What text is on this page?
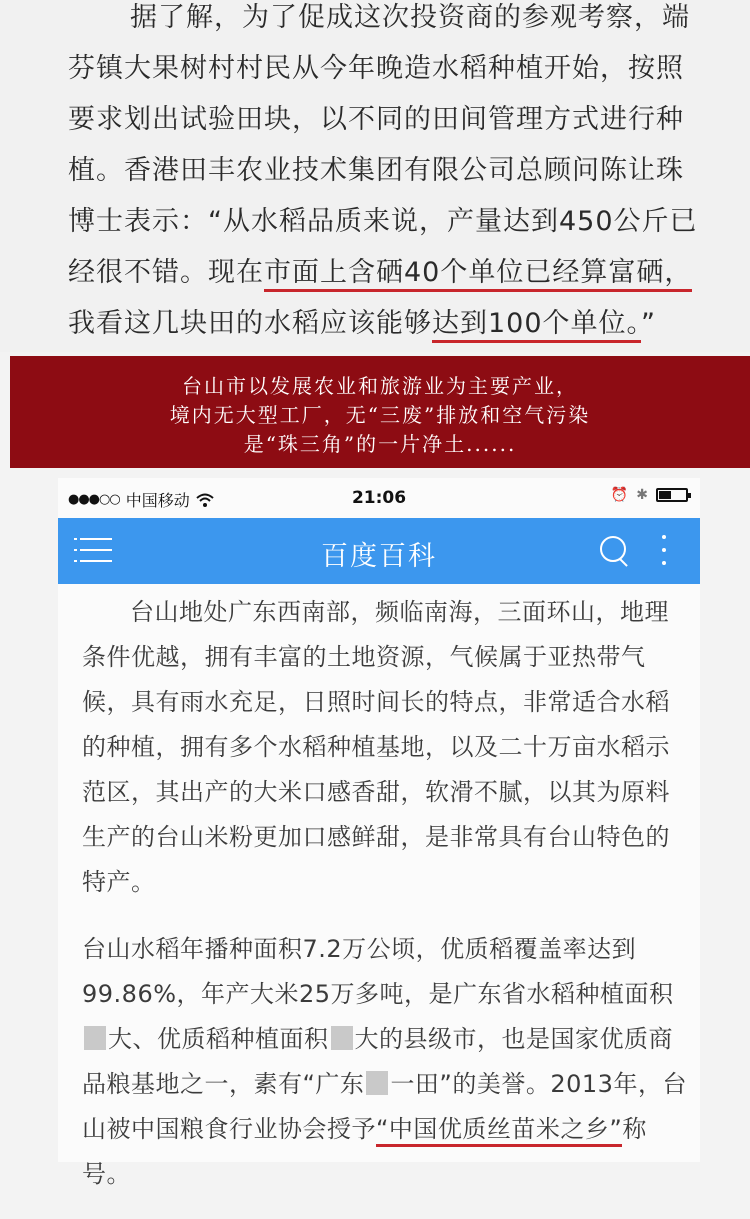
据了解，为了促成这次投资商的参观考察，端
芬镇大果树村村民从今年晚造水稻种植开始，按照
要求划出试验田块，以不同的田间管理方式进行种
植。香港田丰农业技术集团有限公司总顾问陈让珠
博士表示：“从水稻品质来说，产量达到450公斤已
经很不错。现在市面上含硒40个单位已经算富硒，
我看这几块田的水稻应该能够达到100个单位。”

台山市以发展农业和旅游业为主要产业，
境内无大型工厂，无“三废”排放和空气污染
是“珠三角”的一片净土......
●●●○○ 中国移动	21:06	⏰ ✱
百度百科
台山地处广东西南部，频临南海，三面环山，地理
条件优越，拥有丰富的土地资源，气候属于亚热带气
候，具有雨水充足，日照时间长的特点，非常适合水稻
的种植，拥有多个水稻种植基地，以及二十万亩水稻示
范区，其出产的大米口感香甜，软滑不腻，以其为原料
生产的台山米粉更加口感鲜甜，是非常具有台山特色的
特产。
台山水稻年播种面积7.2万公顷，优质稻覆盖率达到
99.86%，年产大米25万多吨，是广东省水稻种植面积
大、优质稻种植面积 大的县级市，也是国家优质商
品粮基地之一，素有“广东 一田”的美誉。2013年，台
山被中国粮食行业协会授予“中国优质丝苗米之乡”称
号。
